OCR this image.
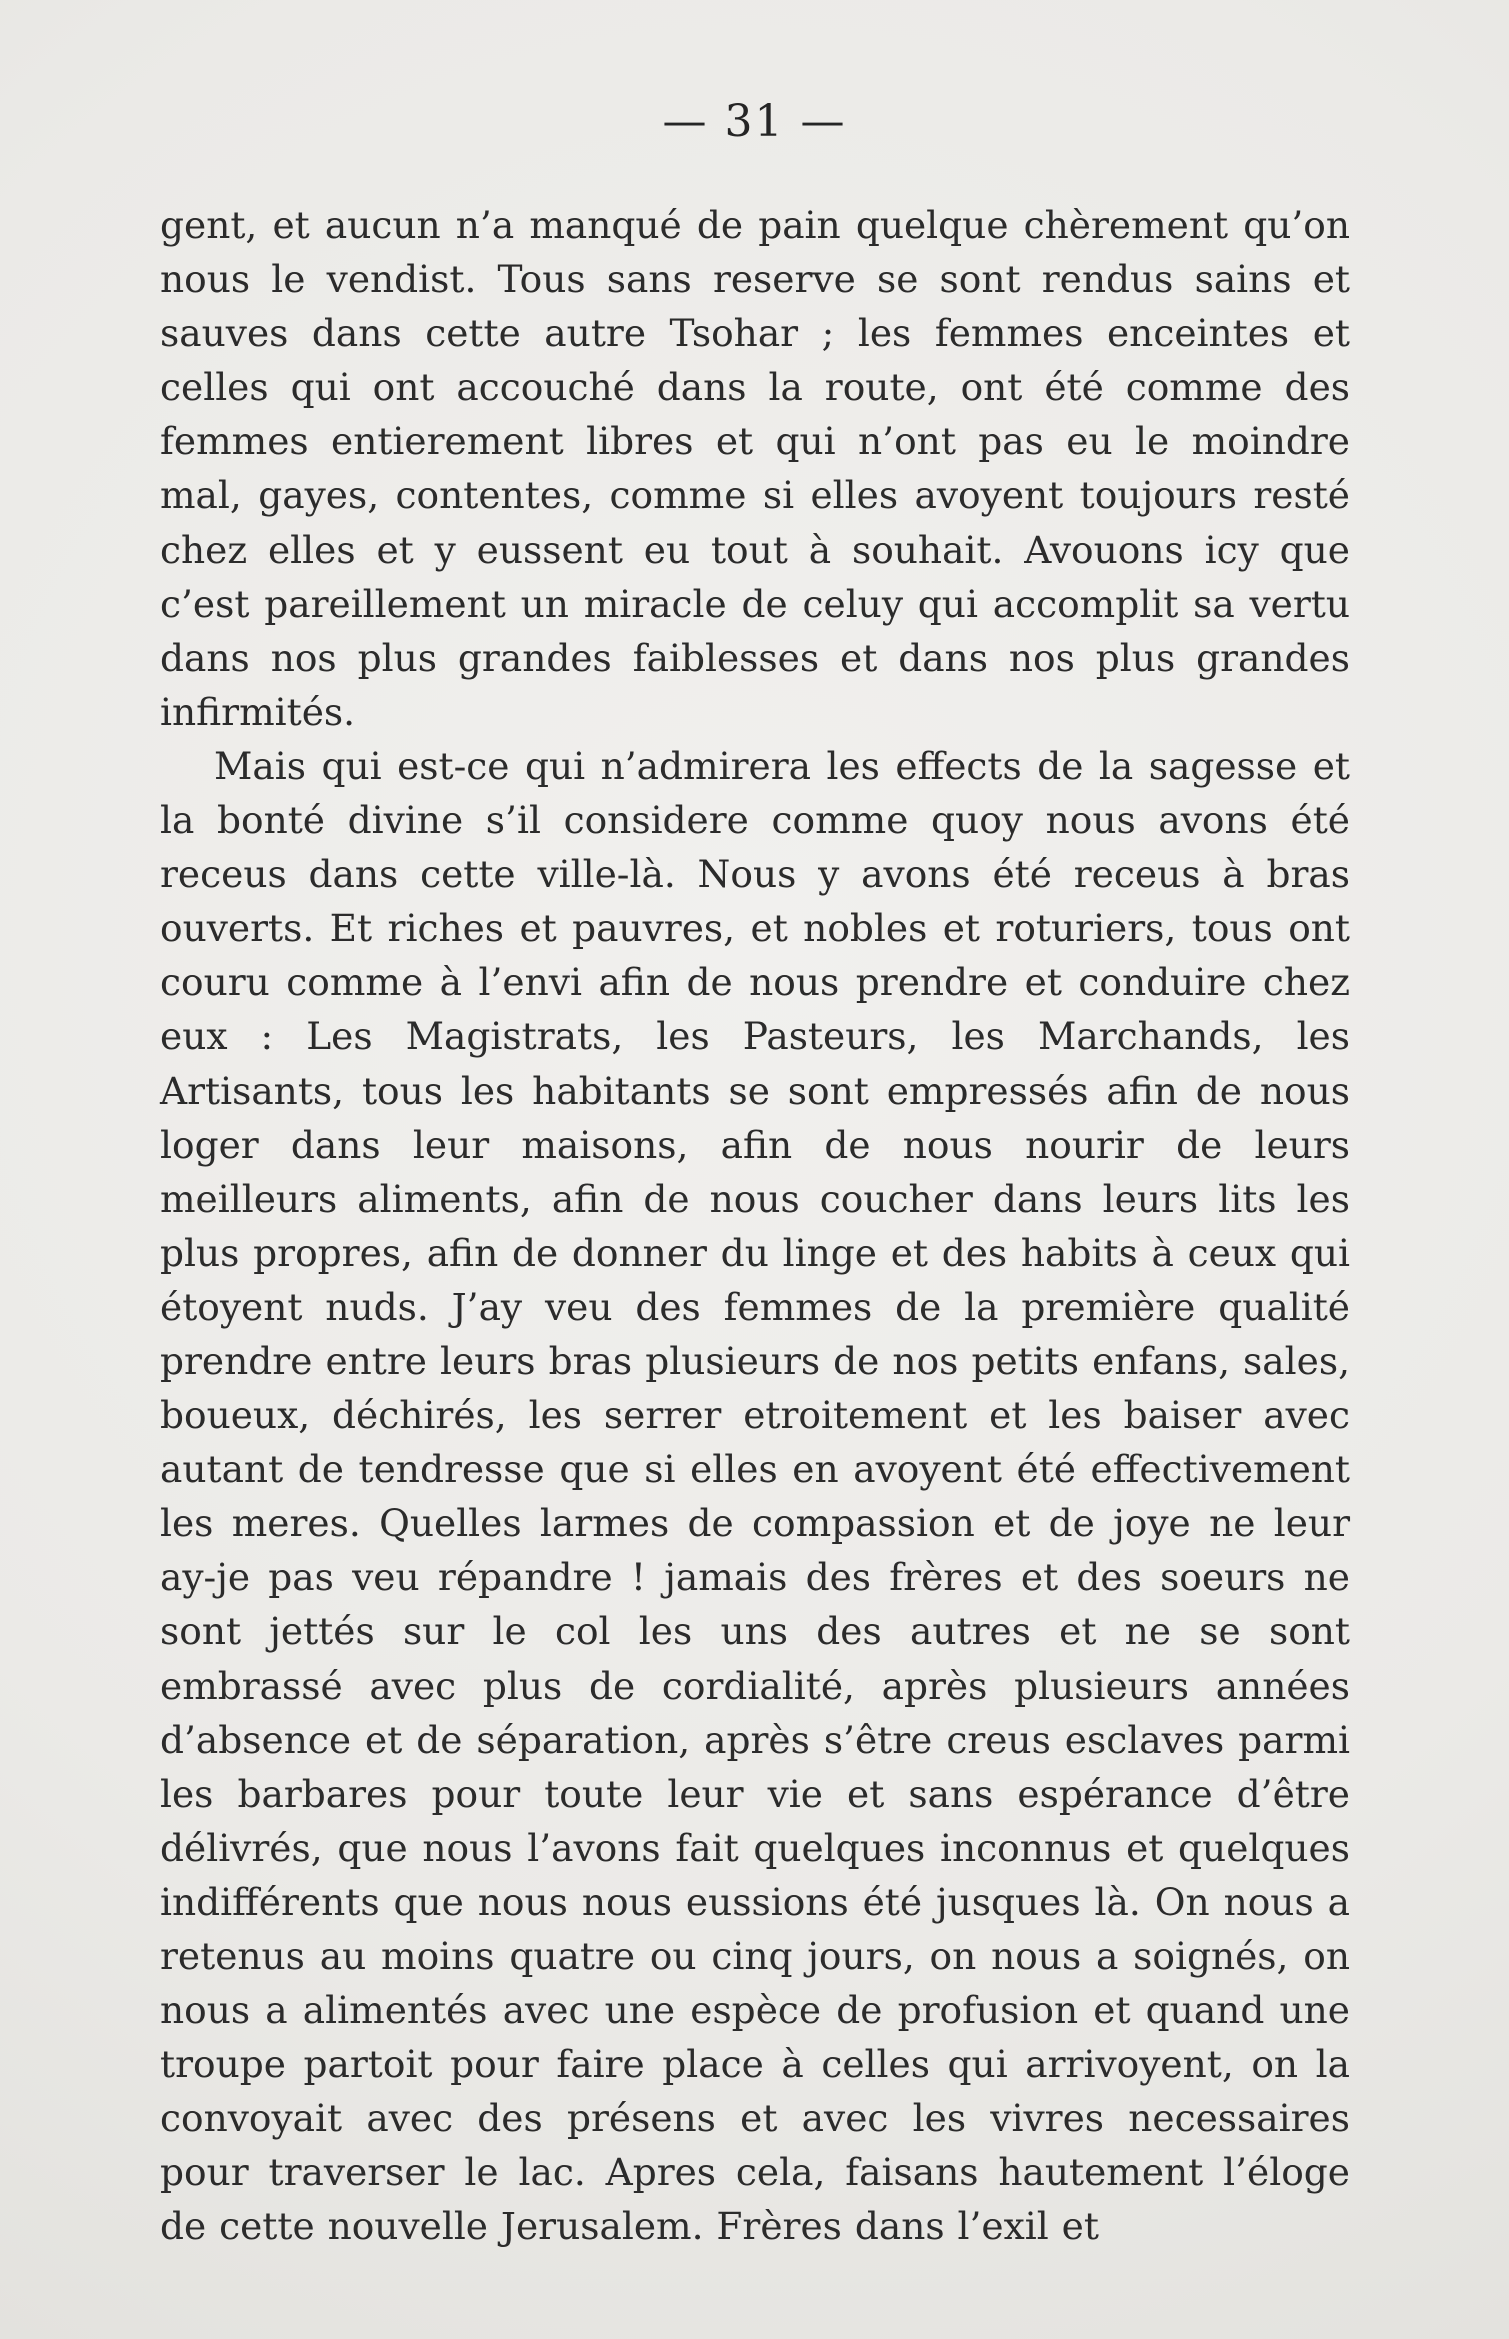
— 31 —

gent, et aucun n’a manqué de pain quelque chèrement qu’on nous le vendist. Tous sans reserve se sont rendus sains et sauves dans cette autre Tsohar ; les femmes enceintes et celles qui ont accouché dans la route, ont été comme des femmes entierement libres et qui n’ont pas eu le moindre mal, gayes, contentes, comme si elles avoyent toujours resté chez elles et y eussent eu tout à souhait. Avouons icy que c’est pareillement un miracle de celuy qui accomplit sa vertu dans nos plus grandes faiblesses et dans nos plus grandes infirmités.

Mais qui est-ce qui n’admirera les effects de la sagesse et la bonté divine s’il considere comme quoy nous avons été receus dans cette ville-là. Nous y avons été receus à bras ouverts. Et riches et pauvres, et nobles et roturiers, tous ont couru comme à l’envi afin de nous prendre et conduire chez eux : Les Magistrats, les Pasteurs, les Marchands, les Artisants, tous les habitants se sont empressés afin de nous loger dans leur maisons, afin de nous nourir de leurs meilleurs aliments, afin de nous coucher dans leurs lits les plus propres, afin de donner du linge et des habits à ceux qui étoyent nuds. J’ay veu des femmes de la première qualité prendre entre leurs bras plusieurs de nos petits enfans, sales, boueux, déchirés, les serrer etroitement et les baiser avec autant de tendresse que si elles en avoyent été effectivement les meres. Quelles larmes de compassion et de joye ne leur ay-je pas veu répandre ! jamais des frères et des soeurs ne sont jettés sur le col les uns des autres et ne se sont embrassé avec plus de cordialité, après plusieurs années d’absence et de séparation, après s’être creus esclaves parmi les barbares pour toute leur vie et sans espérance d’être délivrés, que nous l’avons fait quelques inconnus et quelques indifférents que nous nous eussions été jusques là. On nous a retenus au moins quatre ou cinq jours, on nous a soignés, on nous a alimentés avec une espèce de profusion et quand une troupe partoit pour faire place à celles qui arrivoyent, on la convoyait avec des présens et avec les vivres necessaires pour traverser le lac. Apres cela, faisans hautement l’éloge de cette nouvelle Jerusalem. Frères dans l’exil et
